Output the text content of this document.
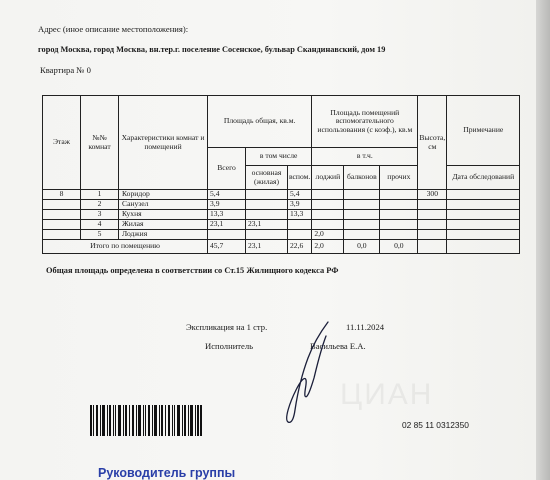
Адрес (иное описание местоположения):
город Москва, город Москва, вн.тер.г. поселение Сосенское, бульвар Скандинавский, дом 19
Квартира № 0
Этаж	№№ комнат	Характеристики комнат и помещений	Площадь общая, кв.м.			Площадь помещений вспомогательного использования (с коэф.), кв.м			Высота, см	Примечание
			Всего	в том числе		в т.ч.				
				основная (жилая)	вспом.	лоджий	балконов	прочих		Дата обследований
8	1	Коридор	5,4		5,4				300	
	2	Санузел	3,9		3,9					
	3	Кухня	13,3		13,3					
	4	Жилая	23,1	23,1						
	5	Лоджия				2,0				
Итого по помещению			45,7	23,1	22,6	2,0	0,0	0,0		
Общая площадь определена в соответствии со Ст.15 Жилищного кодекса РФ
Экспликация на 1 стр.	11.11.2024
Исполнитель	Васильева Е.А.
ЦИАН
02 85 11 0312350
Руководитель группы
